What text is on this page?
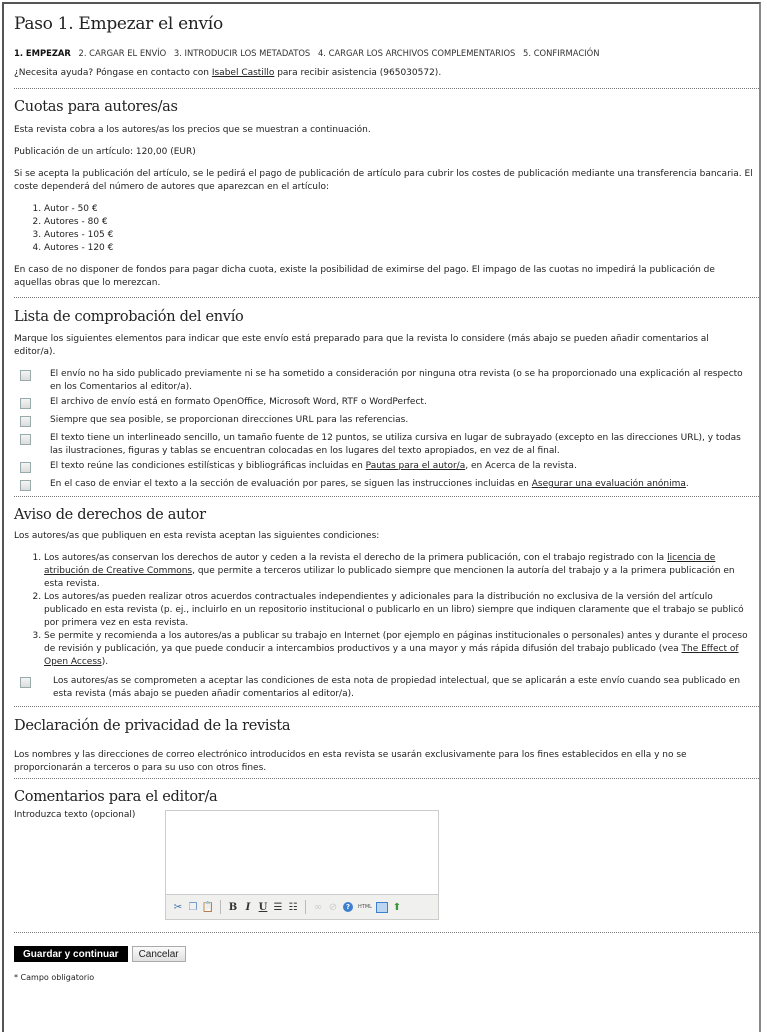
Paso 1. Empezar el envío
1. EMPEZAR 2. CARGAR EL ENVÍO 3. INTRODUCIR LOS METADATOS 4. CARGAR LOS ARCHIVOS COMPLEMENTARIOS 5. CONFIRMACIÓN

¿Necesita ayuda? Póngase en contacto con Isabel Castillo para recibir asistencia (965030572).

Cuotas para autores/as

Esta revista cobra a los autores/as los precios que se muestran a continuación.

Publicación de un artículo: 120,00 (EUR)

Si se acepta la publicación del artículo, se le pedirá el pago de publicación de artículo para cubrir los costes de publicación mediante una transferencia bancaria. El coste dependerá del número de autores que aparezcan en el artículo:

1. Autor - 50 €
2. Autores - 80 €
3. Autores - 105 €
4. Autores - 120 €

En caso de no disponer de fondos para pagar dicha cuota, existe la posibilidad de eximirse del pago. El impago de las cuotas no impedirá la publicación de aquellas obras que lo merezcan.

Lista de comprobación del envío

Marque los siguientes elementos para indicar que este envío está preparado para que la revista lo considere (más abajo se pueden añadir comentarios al editor/a).

El envío no ha sido publicado previamente ni se ha sometido a consideración por ninguna otra revista (o se ha proporcionado una explicación al respecto en los Comentarios al editor/a).
El archivo de envío está en formato OpenOffice, Microsoft Word, RTF o WordPerfect.
Siempre que sea posible, se proporcionan direcciones URL para las referencias.
El texto tiene un interlineado sencillo, un tamaño fuente de 12 puntos, se utiliza cursiva en lugar de subrayado (excepto en las direcciones URL), y todas las ilustraciones, figuras y tablas se encuentran colocadas en los lugares del texto apropiados, en vez de al final.
El texto reúne las condiciones estilísticas y bibliográficas incluidas en Pautas para el autor/a, en Acerca de la revista.
En el caso de enviar el texto a la sección de evaluación por pares, se siguen las instrucciones incluidas en Asegurar una evaluación anónima.
Aviso de derechos de autor

Los autores/as que publiquen en esta revista aceptan las siguientes condiciones:

1. Los autores/as conservan los derechos de autor y ceden a la revista el derecho de la primera publicación, con el trabajo registrado con la licencia de atribución de Creative Commons, que permite a terceros utilizar lo publicado siempre que mencionen la autoría del trabajo y a la primera publicación en esta revista.
2. Los autores/as pueden realizar otros acuerdos contractuales independientes y adicionales para la distribución no exclusiva de la versión del artículo publicado en esta revista (p. ej., incluirlo en un repositorio institucional o publicarlo en un libro) siempre que indiquen claramente que el trabajo se publicó por primera vez en esta revista.
3. Se permite y recomienda a los autores/as a publicar su trabajo en Internet (por ejemplo en páginas institucionales o personales) antes y durante el proceso de revisión y publicación, ya que puede conducir a intercambios productivos y a una mayor y más rápida difusión del trabajo publicado (vea The Effect of Open Access).
Los autores/as se comprometen a aceptar las condiciones de esta nota de propiedad intelectual, que se aplicarán a este envío cuando sea publicado en esta revista (más abajo se pueden añadir comentarios al editor/a).
Declaración de privacidad de la revista

Los nombres y las direcciones de correo electrónico introducidos en esta revista se usarán exclusivamente para los fines establecidos en ella y no se proporcionarán a terceros o para su uso con otros fines.

Comentarios para el editor/a
Introduzca texto (opcional)
✂ ❐ 📋 B I U ☰ ☷ ∞ ⊘	?	HTML ⬆
Guardar y continuar	Cancelar

* Campo obligatorio
